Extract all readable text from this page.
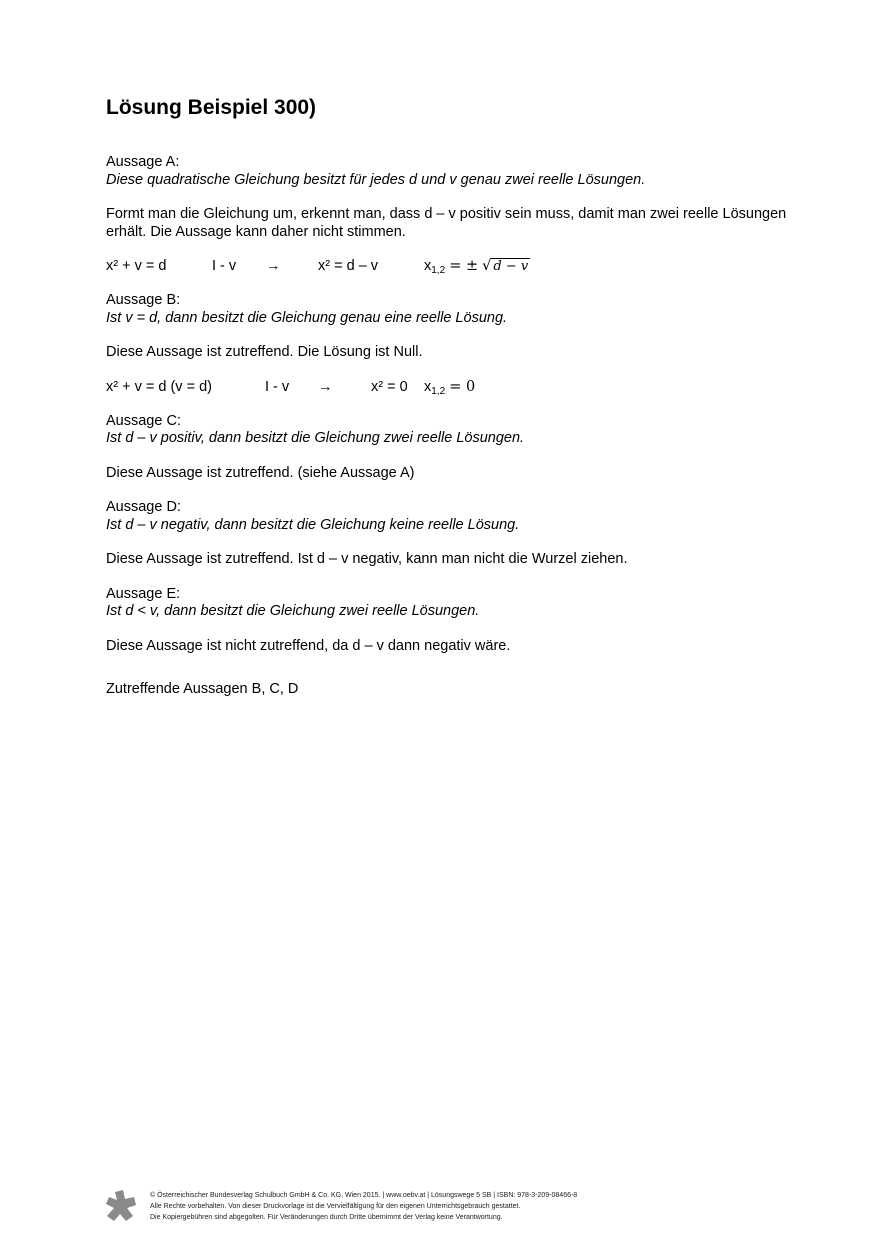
Lösung Beispiel 300)

Aussage A:

Diese quadratische Gleichung besitzt für jedes d und v genau zwei reelle Lösungen.

Formt man die Gleichung um, erkennt man, dass d – v positiv sein muss, damit man zwei reelle Lösungen erhält. Die Aussage kann daher nicht stimmen.

x² + v = d	I - v →	x² = d – v	$x_{1,2}$ = ± √ d − v

Aussage B:

Ist v = d, dann besitzt die Gleichung genau eine reelle Lösung.

Diese Aussage ist zutreffend. Die Lösung ist Null.

x² + v = d (v = d)	I - v →	x² = 0 $x_{1,2} = 0$

Aussage C:

Ist d – v positiv, dann besitzt die Gleichung zwei reelle Lösungen.

Diese Aussage ist zutreffend. (siehe Aussage A)

Aussage D:

Ist d – v negativ, dann besitzt die Gleichung keine reelle Lösung.

Diese Aussage ist zutreffend. Ist d – v negativ, kann man nicht die Wurzel ziehen.

Aussage E:

Ist d < v, dann besitzt die Gleichung zwei reelle Lösungen.

Diese Aussage ist nicht zutreffend, da d – v dann negativ wäre.

Zutreffende Aussagen B, C, D

© Österreichischer Bundesverlag Schulbuch GmbH & Co. KG, Wien 2015. | www.oebv.at | Lösungswege 5 SB | ISBN: 978-3-209-08466-8
Alle Rechte vorbehalten. Von dieser Druckvorlage ist die Vervielfältigung für den eigenen Unterrichtsgebrauch gestattet.
Die Kopiergebühren sind abgegolten. Für Veränderungen durch Dritte übernimmt der Verlag keine Verantwortung.
